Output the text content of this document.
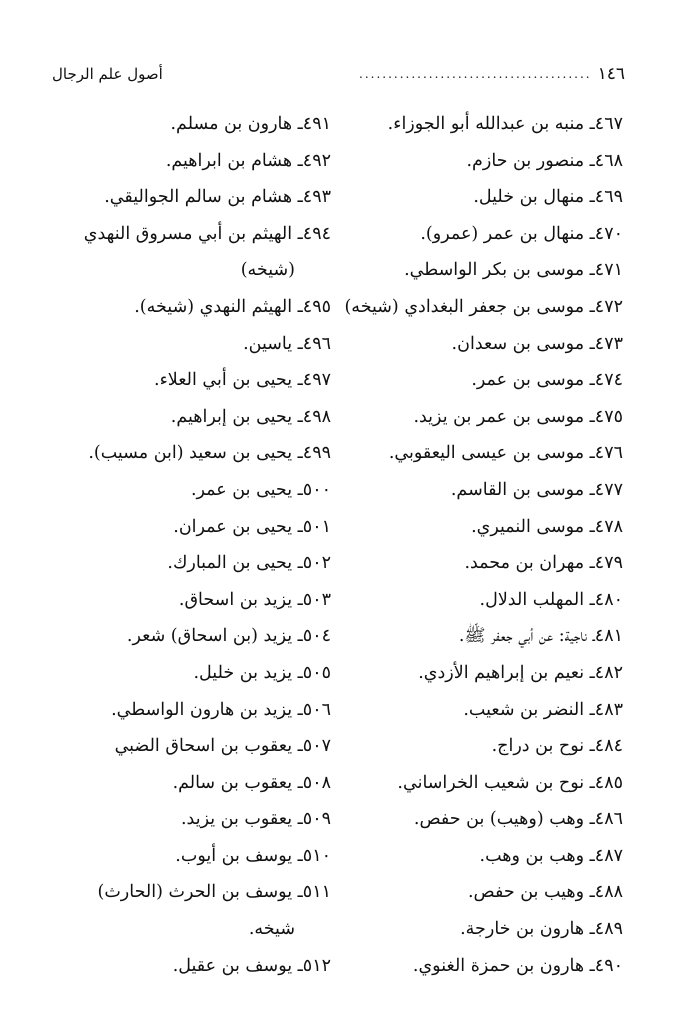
١٤٦
........................................
أصول علم الرجال
٤٦٧ـ منبه بن عبدالله أبو الجوزاء.
٤٦٨ـ منصور بن حازم.
٤٦٩ـ منهال بن خليل.
٤٧٠ـ منهال بن عمر (عمرو).
٤٧١ـ موسى بن بكر الواسطي.
٤٧٢ـ موسى بن جعفر البغدادي (شيخه)
٤٧٣ـ موسى بن سعدان.
٤٧٤ـ موسى بن عمر.
٤٧٥ـ موسى بن عمر بن يزيد.
٤٧٦ـ موسى بن عيسى اليعقوبي.
٤٧٧ـ موسى بن القاسم.
٤٧٨ـ موسى النميري.
٤٧٩ـ مهران بن محمد.
٤٨٠ـ المهلب الدلال.
٤٨١ـ ناجية: عن أبي جعفر ﷺ.
٤٨٢ـ نعيم بن إبراهيم الأزدي.
٤٨٣ـ النضر بن شعيب.
٤٨٤ـ نوح بن دراج.
٤٨٥ـ نوح بن شعيب الخراساني.
٤٨٦ـ وهب (وهيب) بن حفص.
٤٨٧ـ وهب بن وهب.
٤٨٨ـ وهيب بن حفص.
٤٨٩ـ هارون بن خارجة.
٤٩٠ـ هارون بن حمزة الغنوي.
٤٩١ـ هارون بن مسلم.
٤٩٢ـ هشام بن ابراهيم.
٤٩٣ـ هشام بن سالم الجواليقي.
٤٩٤ـ الهيثم بن أبي مسروق النهدي
(شيخه)
٤٩٥ـ الهيثم النهدي (شيخه).
٤٩٦ـ ياسين.
٤٩٧ـ يحيى بن أبي العلاء.
٤٩٨ـ يحيى بن إبراهيم.
٤٩٩ـ يحيى بن سعيد (ابن مسيب).
٥٠٠ـ يحيى بن عمر.
٥٠١ـ يحيى بن عمران.
٥٠٢ـ يحيى بن المبارك.
٥٠٣ـ يزيد بن اسحاق.
٥٠٤ـ يزيد (بن اسحاق) شعر.
٥٠٥ـ يزيد بن خليل.
٥٠٦ـ يزيد بن هارون الواسطي.
٥٠٧ـ يعقوب بن اسحاق الضبي
٥٠٨ـ يعقوب بن سالم.
٥٠٩ـ يعقوب بن يزيد.
٥١٠ـ يوسف بن أيوب.
٥١١ـ يوسف بن الحرث (الحارث)
شيخه.
٥١٢ـ يوسف بن عقيل.
